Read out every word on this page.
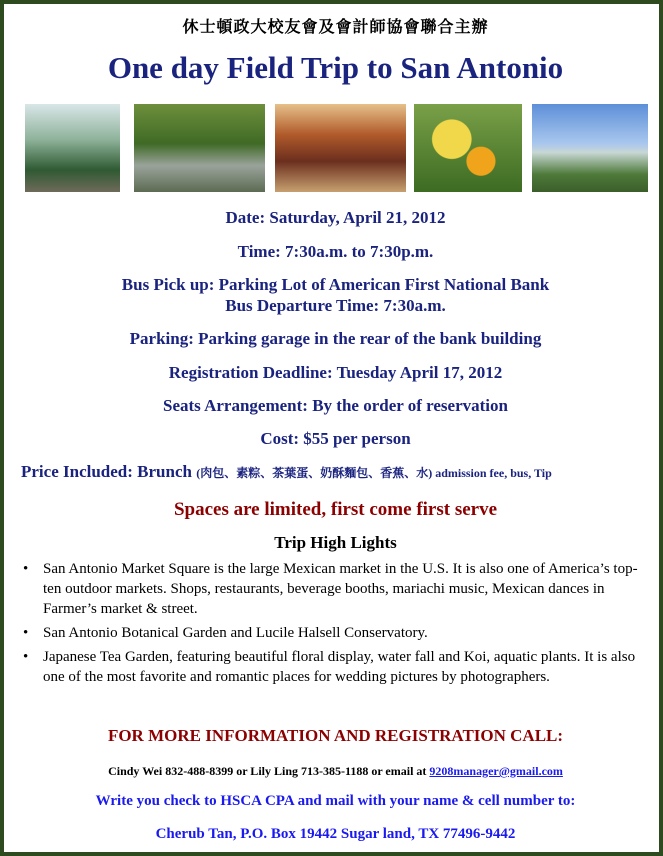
休士頓政大校友會及會計師協會聯合主辦
One day Field Trip to San Antonio
Date: Saturday, April 21, 2012
Time: 7:30a.m. to 7:30p.m.
Bus Pick up: Parking Lot of American First National Bank
Bus Departure Time: 7:30a.m.
Parking: Parking garage in the rear of the bank building
Registration Deadline: Tuesday April 17, 2012
Seats Arrangement: By the order of reservation
Cost: $55 per person
Price Included: Brunch (肉包、素粽、茶葉蛋、奶酥麵包、香蕉、水) admission fee, bus, Tip
Spaces are limited, first come first serve
Trip High Lights
• San Antonio Market Square is the large Mexican market in the U.S. It is also one of America’s top-ten outdoor markets. Shops, restaurants, beverage booths, mariachi music, Mexican dances in Farmer’s market & street.
• San Antonio Botanical Garden and Lucile Halsell Conservatory.
• Japanese Tea Garden, featuring beautiful floral display, water fall and Koi, aquatic plants. It is also one of the most favorite and romantic places for wedding pictures by photographers.
FOR MORE INFORMATION AND REGISTRATION CALL:
Cindy Wei 832-488-8399 or Lily Ling 713-385-1188 or email at 9208manager@gmail.com
Write you check to HSCA CPA and mail with your name & cell number to:
Cherub Tan, P.O. Box 19442 Sugar land, TX 77496-9442
